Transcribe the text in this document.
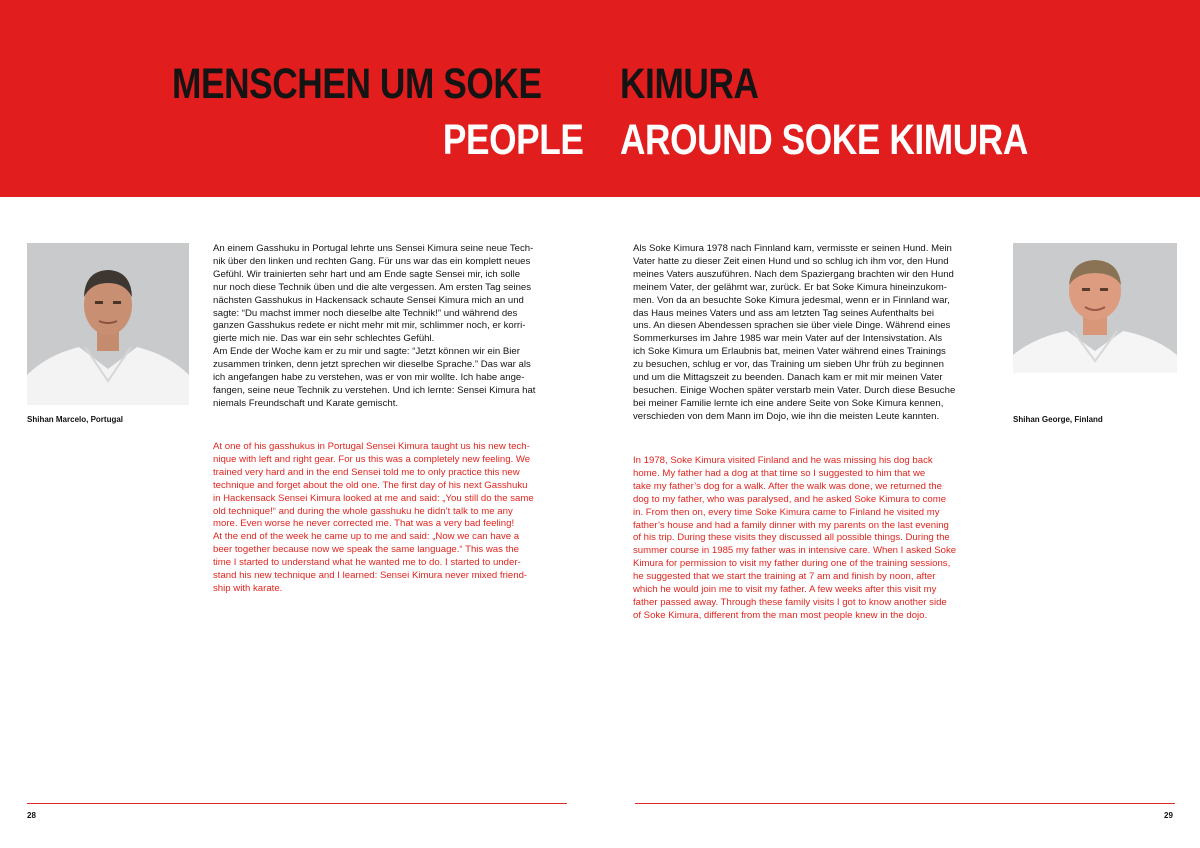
MENSCHEN UM SOKE KIMURA
PEOPLE AROUND SOKE KIMURA

Shihan Marcelo, Portugal

An einem Gasshuku in Portugal lehrte uns Sensei Kimura seine neue Tech-
nik über den linken und rechten Gang. Für uns war das ein komplett neues
Gefühl. Wir trainierten sehr hart und am Ende sagte Sensei mir, ich solle
nur noch diese Technik üben und die alte vergessen. Am ersten Tag seines
nächsten Gasshukus in Hackensack schaute Sensei Kimura mich an und
sagte: “Du machst immer noch dieselbe alte Technik!” und während des
ganzen Gasshukus redete er nicht mehr mit mir, schlimmer noch, er korri-
gierte mich nie. Das war ein sehr schlechtes Gefühl.
Am Ende der Woche kam er zu mir und sagte: “Jetzt können wir ein Bier
zusammen trinken, denn jetzt sprechen wir dieselbe Sprache.” Das war als
ich angefangen habe zu verstehen, was er von mir wollte. Ich habe ange-
fangen, seine neue Technik zu verstehen. Und ich lernte: Sensei Kimura hat
niemals Freundschaft und Karate gemischt.

At one of his gasshukus in Portugal Sensei Kimura taught us his new tech-
nique with left and right gear. For us this was a completely new feeling. We
trained very hard and in the end Sensei told me to only practice this new
technique and forget about the old one. The first day of his next Gasshuku
in Hackensack Sensei Kimura looked at me and said: „You still do the same
old technique!“ and during the whole gasshuku he didn’t talk to me any
more. Even worse he never corrected me. That was a very bad feeling!
At the end of the week he came up to me and said: „Now we can have a
beer together because now we speak the same language.“ This was the
time I started to understand what he wanted me to do. I started to under-
stand his new technique and I learned: Sensei Kimura never mixed friend-
ship with karate.

28

Shihan George, Finland

Als Soke Kimura 1978 nach Finnland kam, vermisste er seinen Hund. Mein
Vater hatte zu dieser Zeit einen Hund und so schlug ich ihm vor, den Hund
meines Vaters auszuführen. Nach dem Spaziergang brachten wir den Hund
meinem Vater, der gelähmt war, zurück. Er bat Soke Kimura hineinzukom-
men. Von da an besuchte Soke Kimura jedesmal, wenn er in Finnland war,
das Haus meines Vaters und ass am letzten Tag seines Aufenthalts bei
uns. An diesen Abendessen sprachen sie über viele Dinge. Während eines
Sommerkurses im Jahre 1985 war mein Vater auf der Intensivstation. Als
ich Soke Kimura um Erlaubnis bat, meinen Vater während eines Trainings
zu besuchen, schlug er vor, das Training um sieben Uhr früh zu beginnen
und um die Mittagszeit zu beenden. Danach kam er mit mir meinen Vater
besuchen. Einige Wochen später verstarb mein Vater. Durch diese Besuche
bei meiner Familie lernte ich eine andere Seite von Soke Kimura kennen,
verschieden von dem Mann im Dojo, wie ihn die meisten Leute kannten.

In 1978, Soke Kimura visited Finland and he was missing his dog back
home. My father had a dog at that time so I suggested to him that we
take my father’s dog for a walk. After the walk was done, we returned the
dog to my father, who was paralysed, and he asked Soke Kimura to come
in. From then on, every time Soke Kimura came to Finland he visited my
father’s house and had a family dinner with my parents on the last evening
of his trip. During these visits they discussed all possible things. During the
summer course in 1985 my father was in intensive care. When I asked Soke
Kimura for permission to visit my father during one of the training sessions,
he suggested that we start the training at 7 am and finish by noon, after
which he would join me to visit my father. A few weeks after this visit my
father passed away. Through these family visits I got to know another side
of Soke Kimura, different from the man most people knew in the dojo.

29
